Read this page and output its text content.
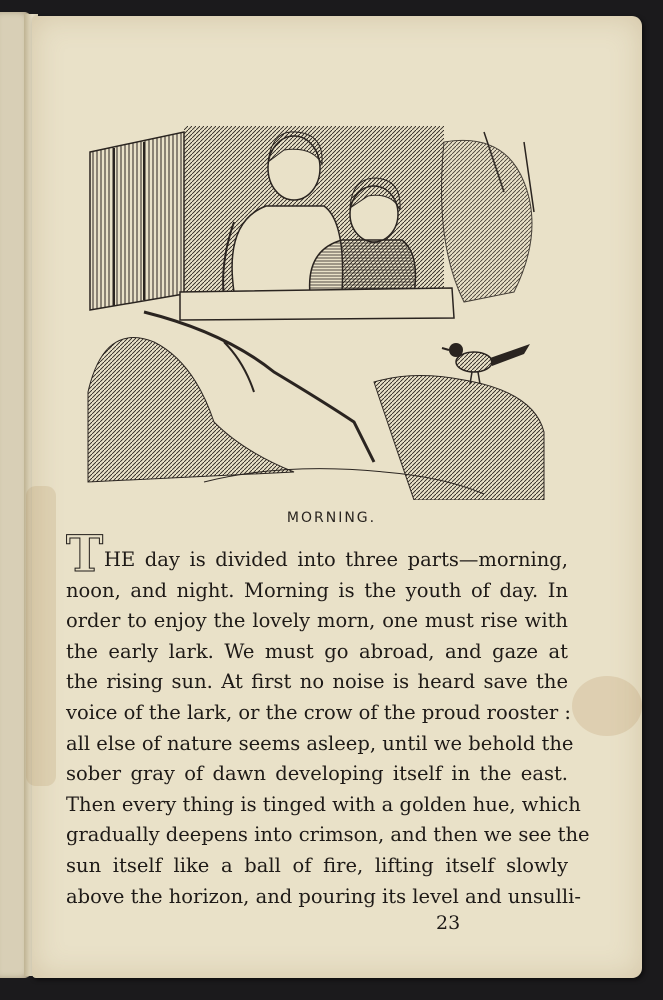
MORNING.
T HE day is divided into three parts—morning,
noon, and night. Morning is the youth of day. In
order to enjoy the lovely morn, one must rise with
the early lark. We must go abroad, and gaze at
the rising sun. At first no noise is heard save the
voice of the lark, or the crow of the proud rooster :
all else of nature seems asleep, until we behold the
sober gray of dawn developing itself in the east.
Then every thing is tinged with a golden hue, which
gradually deepens into crimson, and then we see the
sun itself like a ball of fire, lifting itself slowly
above the horizon, and pouring its level and unsulli-
23
